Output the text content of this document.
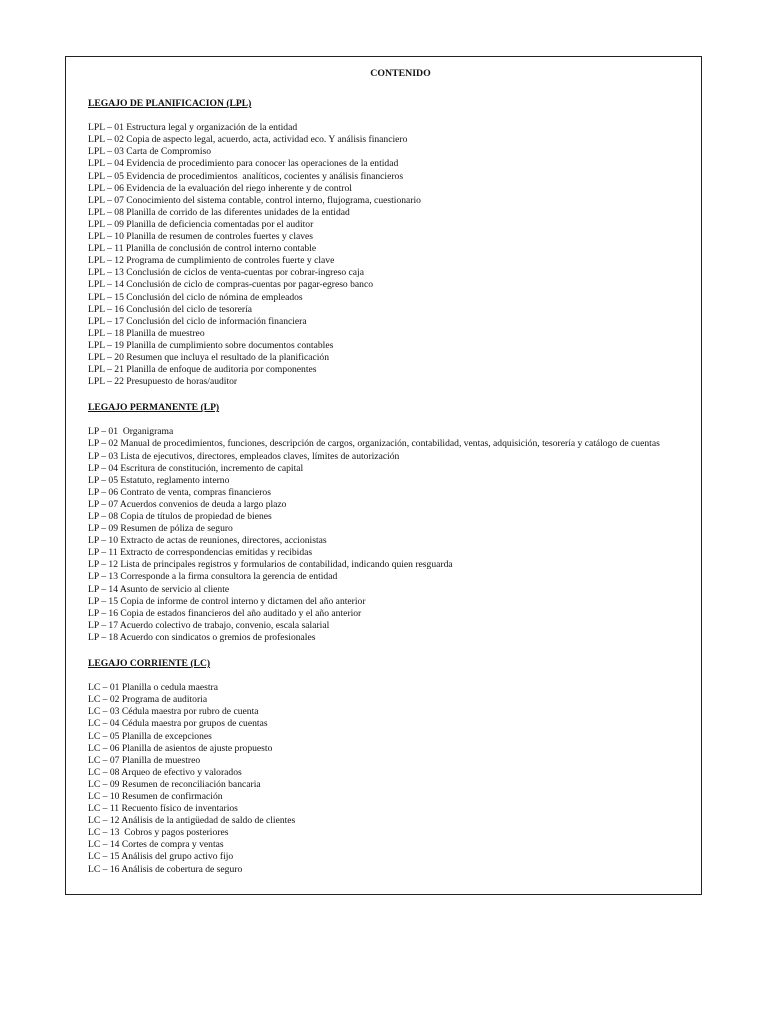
CONTENIDO
LEGAJO DE PLANIFICACION (LPL)
LPL – 01 Estructura legal y organización de la entidad
LPL – 02 Copia de aspecto legal, acuerdo, acta, actividad eco. Y análisis financiero
LPL – 03 Carta de Compromiso
LPL – 04 Evidencia de procedimiento para conocer las operaciones de la entidad
LPL – 05 Evidencia de procedimientos  analíticos, cocientes y análisis financieros
LPL – 06 Evidencia de la evaluación del riego inherente y de control
LPL – 07 Conocimiento del sistema contable, control interno, flujograma, cuestionario
LPL – 08 Planilla de corrido de las diferentes unidades de la entidad
LPL – 09 Planilla de deficiencia comentadas por el auditor
LPL – 10 Planilla de resumen de controles fuertes y claves
LPL – 11 Planilla de conclusión de control interno contable
LPL – 12 Programa de cumplimiento de controles fuerte y clave
LPL – 13 Conclusión de ciclos de venta-cuentas por cobrar-ingreso caja
LPL – 14 Conclusión de ciclo de compras-cuentas por pagar-egreso banco
LPL – 15 Conclusión del ciclo de nómina de empleados
LPL – 16 Conclusión del ciclo de tesorería
LPL – 17 Conclusión del ciclo de información financiera
LPL – 18 Planilla de muestreo
LPL – 19 Planilla de cumplimiento sobre documentos contables
LPL – 20 Resumen que incluya el resultado de la planificación
LPL – 21 Planilla de enfoque de auditoria por componentes
LPL – 22 Presupuesto de horas/auditor
LEGAJO PERMANENTE (LP)
LP – 01  Organigrama
LP – 02 Manual de procedimientos, funciones, descripción de cargos, organización, contabilidad, ventas, adquisición, tesorería y catálogo de cuentas
LP – 03 Lista de ejecutivos, directores, empleados claves, límites de autorización
LP – 04 Escritura de constitución, incremento de capital
LP – 05 Estatuto, reglamento interno
LP – 06 Contrato de venta, compras financieros
LP – 07 Acuerdos convenios de deuda a largo plazo
LP – 08 Copia de títulos de propiedad de bienes
LP – 09 Resumen de póliza de seguro
LP – 10 Extracto de actas de reuniones, directores, accionistas
LP – 11 Extracto de correspondencias emitidas y recibidas
LP – 12 Lista de principales registros y formularios de contabilidad, indicando quien resguarda
LP – 13 Corresponde a la firma consultora la gerencia de entidad
LP – 14 Asunto de servicio al cliente
LP – 15 Copia de informe de control interno y dictamen del año anterior
LP – 16 Copia de estados financieros del año auditado y el año anterior
LP – 17 Acuerdo colectivo de trabajo, convenio, escala salarial
LP – 18 Acuerdo con sindicatos o gremios de profesionales
LEGAJO CORRIENTE (LC)
LC – 01 Planilla o cedula maestra
LC – 02 Programa de auditoria
LC – 03 Cédula maestra por rubro de cuenta
LC – 04 Cédula maestra por grupos de cuentas
LC – 05 Planilla de excepciones
LC – 06 Planilla de asientos de ajuste propuesto
LC – 07 Planilla de muestreo
LC – 08 Arqueo de efectivo y valorados
LC – 09 Resumen de reconciliación bancaria
LC – 10 Resumen de confirmación
LC – 11 Recuento físico de inventarios
LC – 12 Análisis de la antigüedad de saldo de clientes
LC – 13  Cobros y pagos posteriores
LC – 14 Cortes de compra y ventas
LC – 15 Análisis del grupo activo fijo
LC – 16 Análisis de cobertura de seguro
